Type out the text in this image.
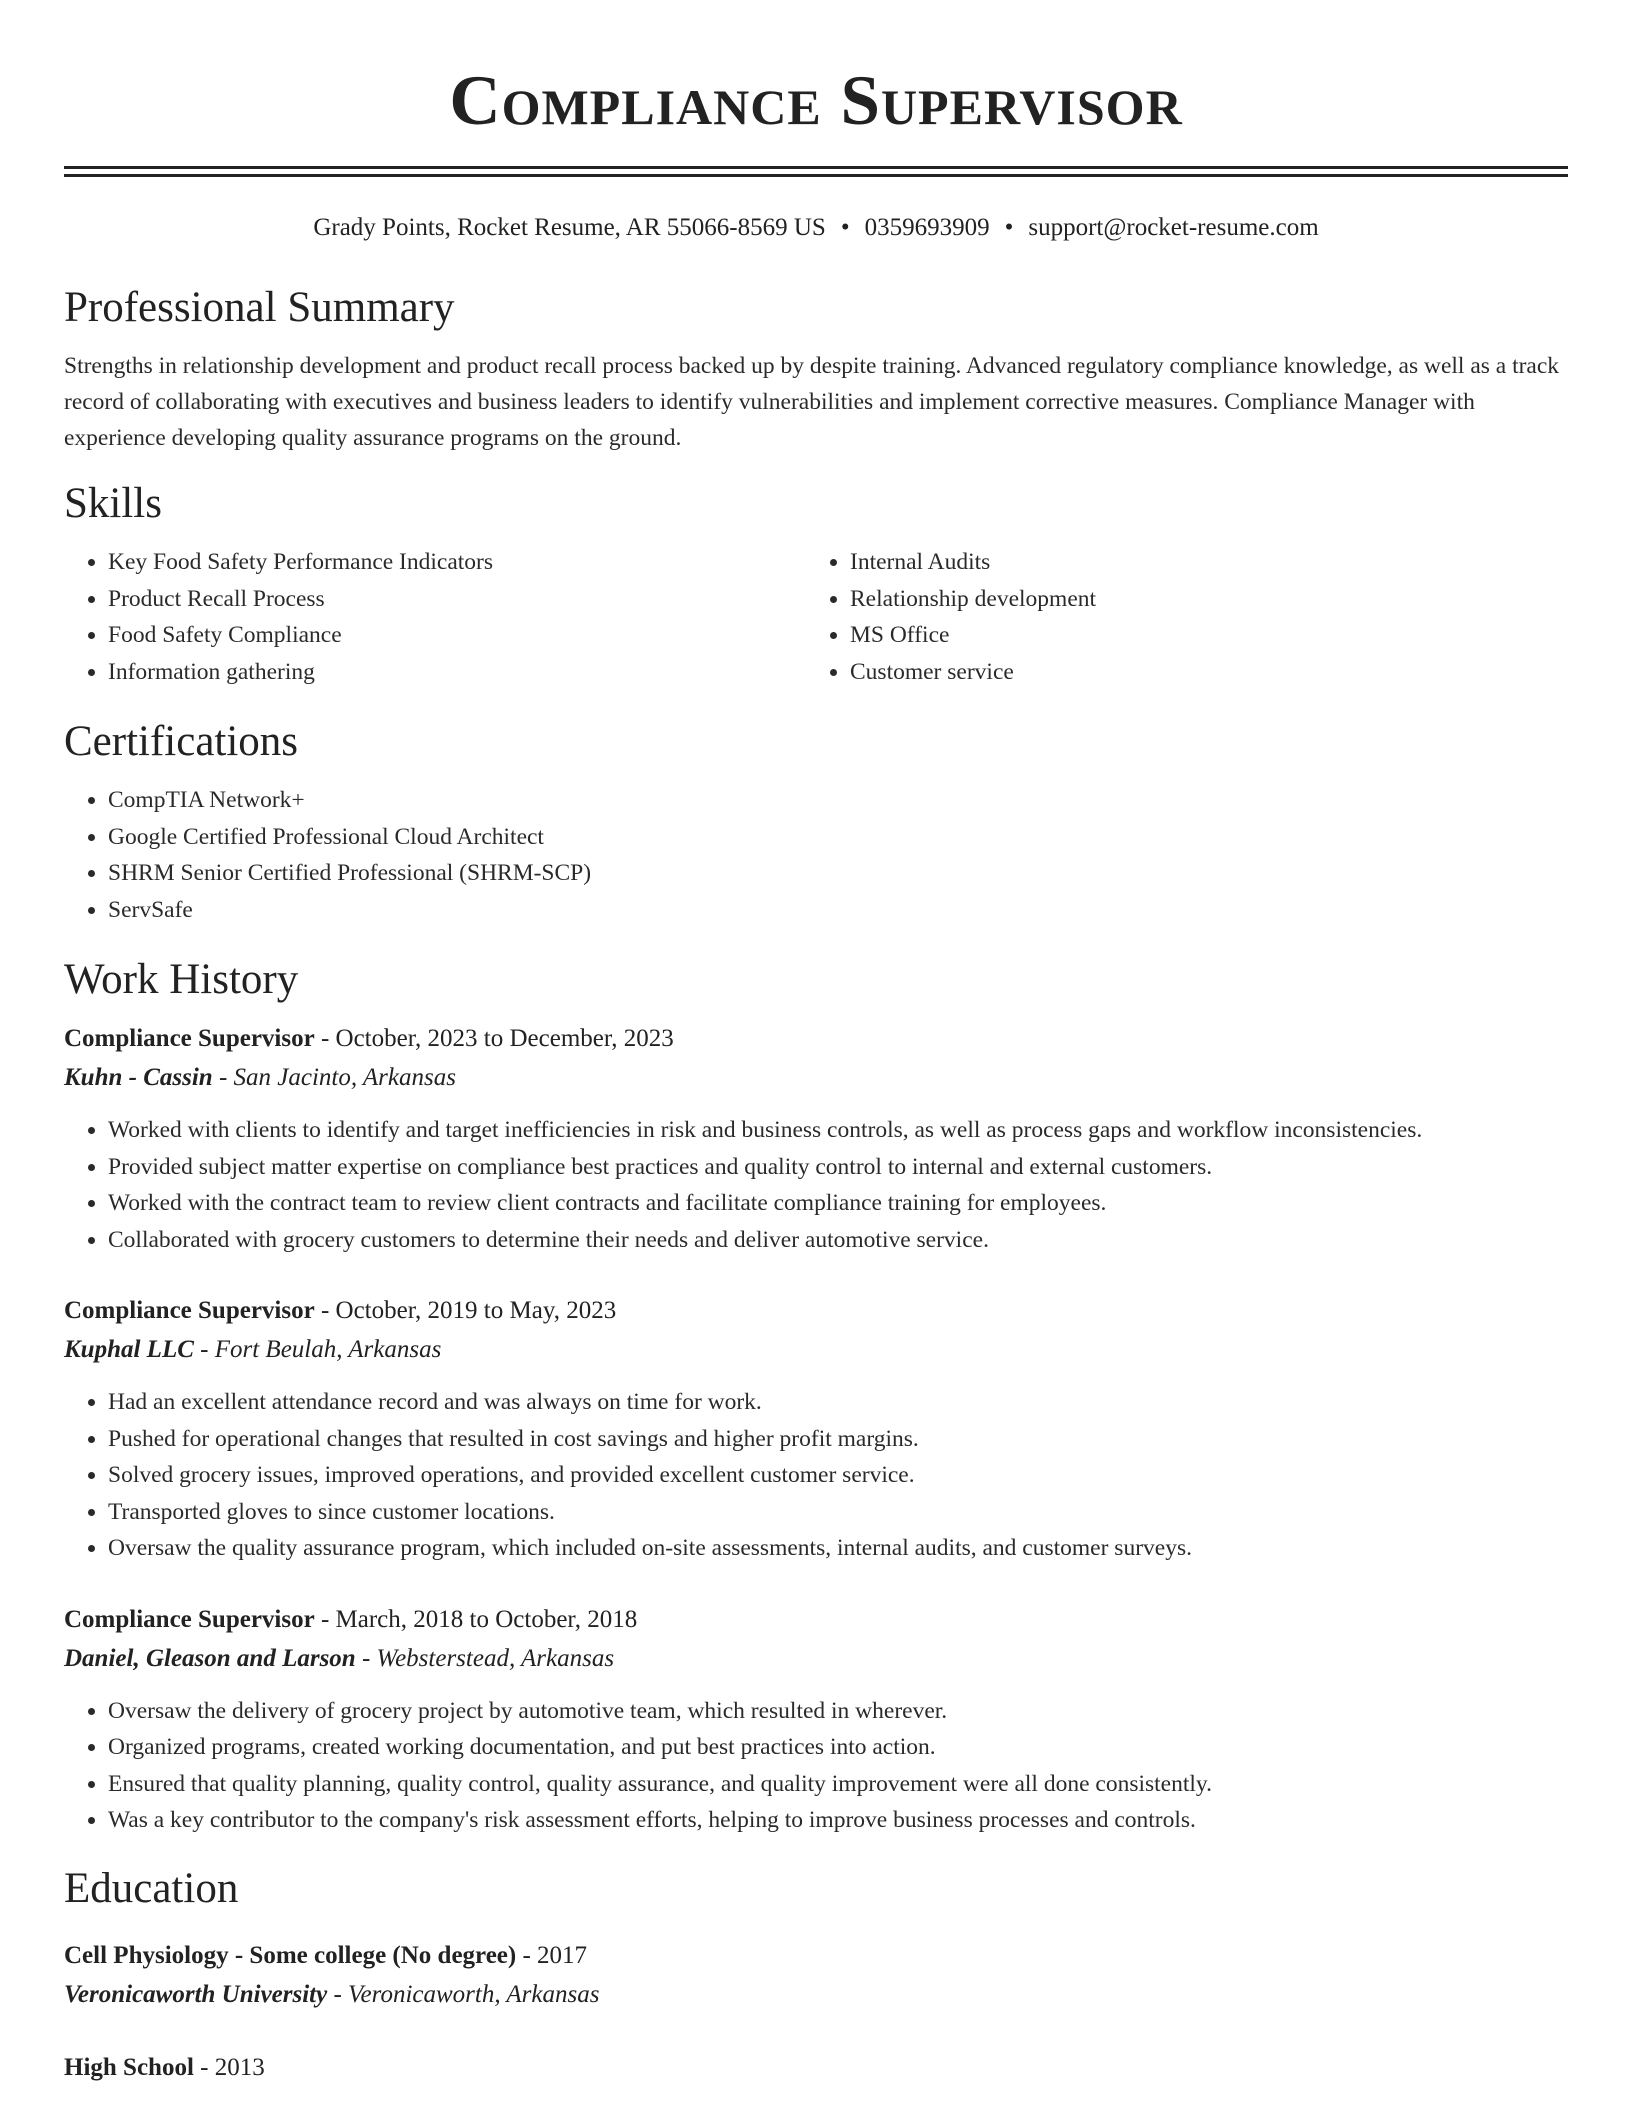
Compliance Supervisor
Grady Points, Rocket Resume, AR 55066-8569 US • 0359693909 • support@rocket-resume.com
Professional Summary

Strengths in relationship development and product recall process backed up by despite training. Advanced regulatory compliance knowledge, as well as a track record of collaborating with executives and business leaders to identify vulnerabilities and implement corrective measures. Compliance Manager with experience developing quality assurance programs on the ground.

Skills
• Key Food Safety Performance Indicators
• Product Recall Process
• Food Safety Compliance
• Information gathering
• Internal Audits
• Relationship development
• MS Office
• Customer service
Certifications
• CompTIA Network+
• Google Certified Professional Cloud Architect
• SHRM Senior Certified Professional (SHRM-SCP)
• ServSafe
Work History
Compliance Supervisor - October, 2023 to December, 2023
Kuhn - Cassin - San Jacinto, Arkansas
• Worked with clients to identify and target inefficiencies in risk and business controls, as well as process gaps and workflow inconsistencies.
• Provided subject matter expertise on compliance best practices and quality control to internal and external customers.
• Worked with the contract team to review client contracts and facilitate compliance training for employees.
• Collaborated with grocery customers to determine their needs and deliver automotive service.
Compliance Supervisor - October, 2019 to May, 2023
Kuphal LLC - Fort Beulah, Arkansas
• Had an excellent attendance record and was always on time for work.
• Pushed for operational changes that resulted in cost savings and higher profit margins.
• Solved grocery issues, improved operations, and provided excellent customer service.
• Transported gloves to since customer locations.
• Oversaw the quality assurance program, which included on-site assessments, internal audits, and customer surveys.
Compliance Supervisor - March, 2018 to October, 2018
Daniel, Gleason and Larson - Websterstead, Arkansas
• Oversaw the delivery of grocery project by automotive team, which resulted in wherever.
• Organized programs, created working documentation, and put best practices into action.
• Ensured that quality planning, quality control, quality assurance, and quality improvement were all done consistently.
• Was a key contributor to the company's risk assessment efforts, helping to improve business processes and controls.
Education
Cell Physiology - Some college (No degree) - 2017
Veronicaworth University - Veronicaworth, Arkansas
High School - 2013
